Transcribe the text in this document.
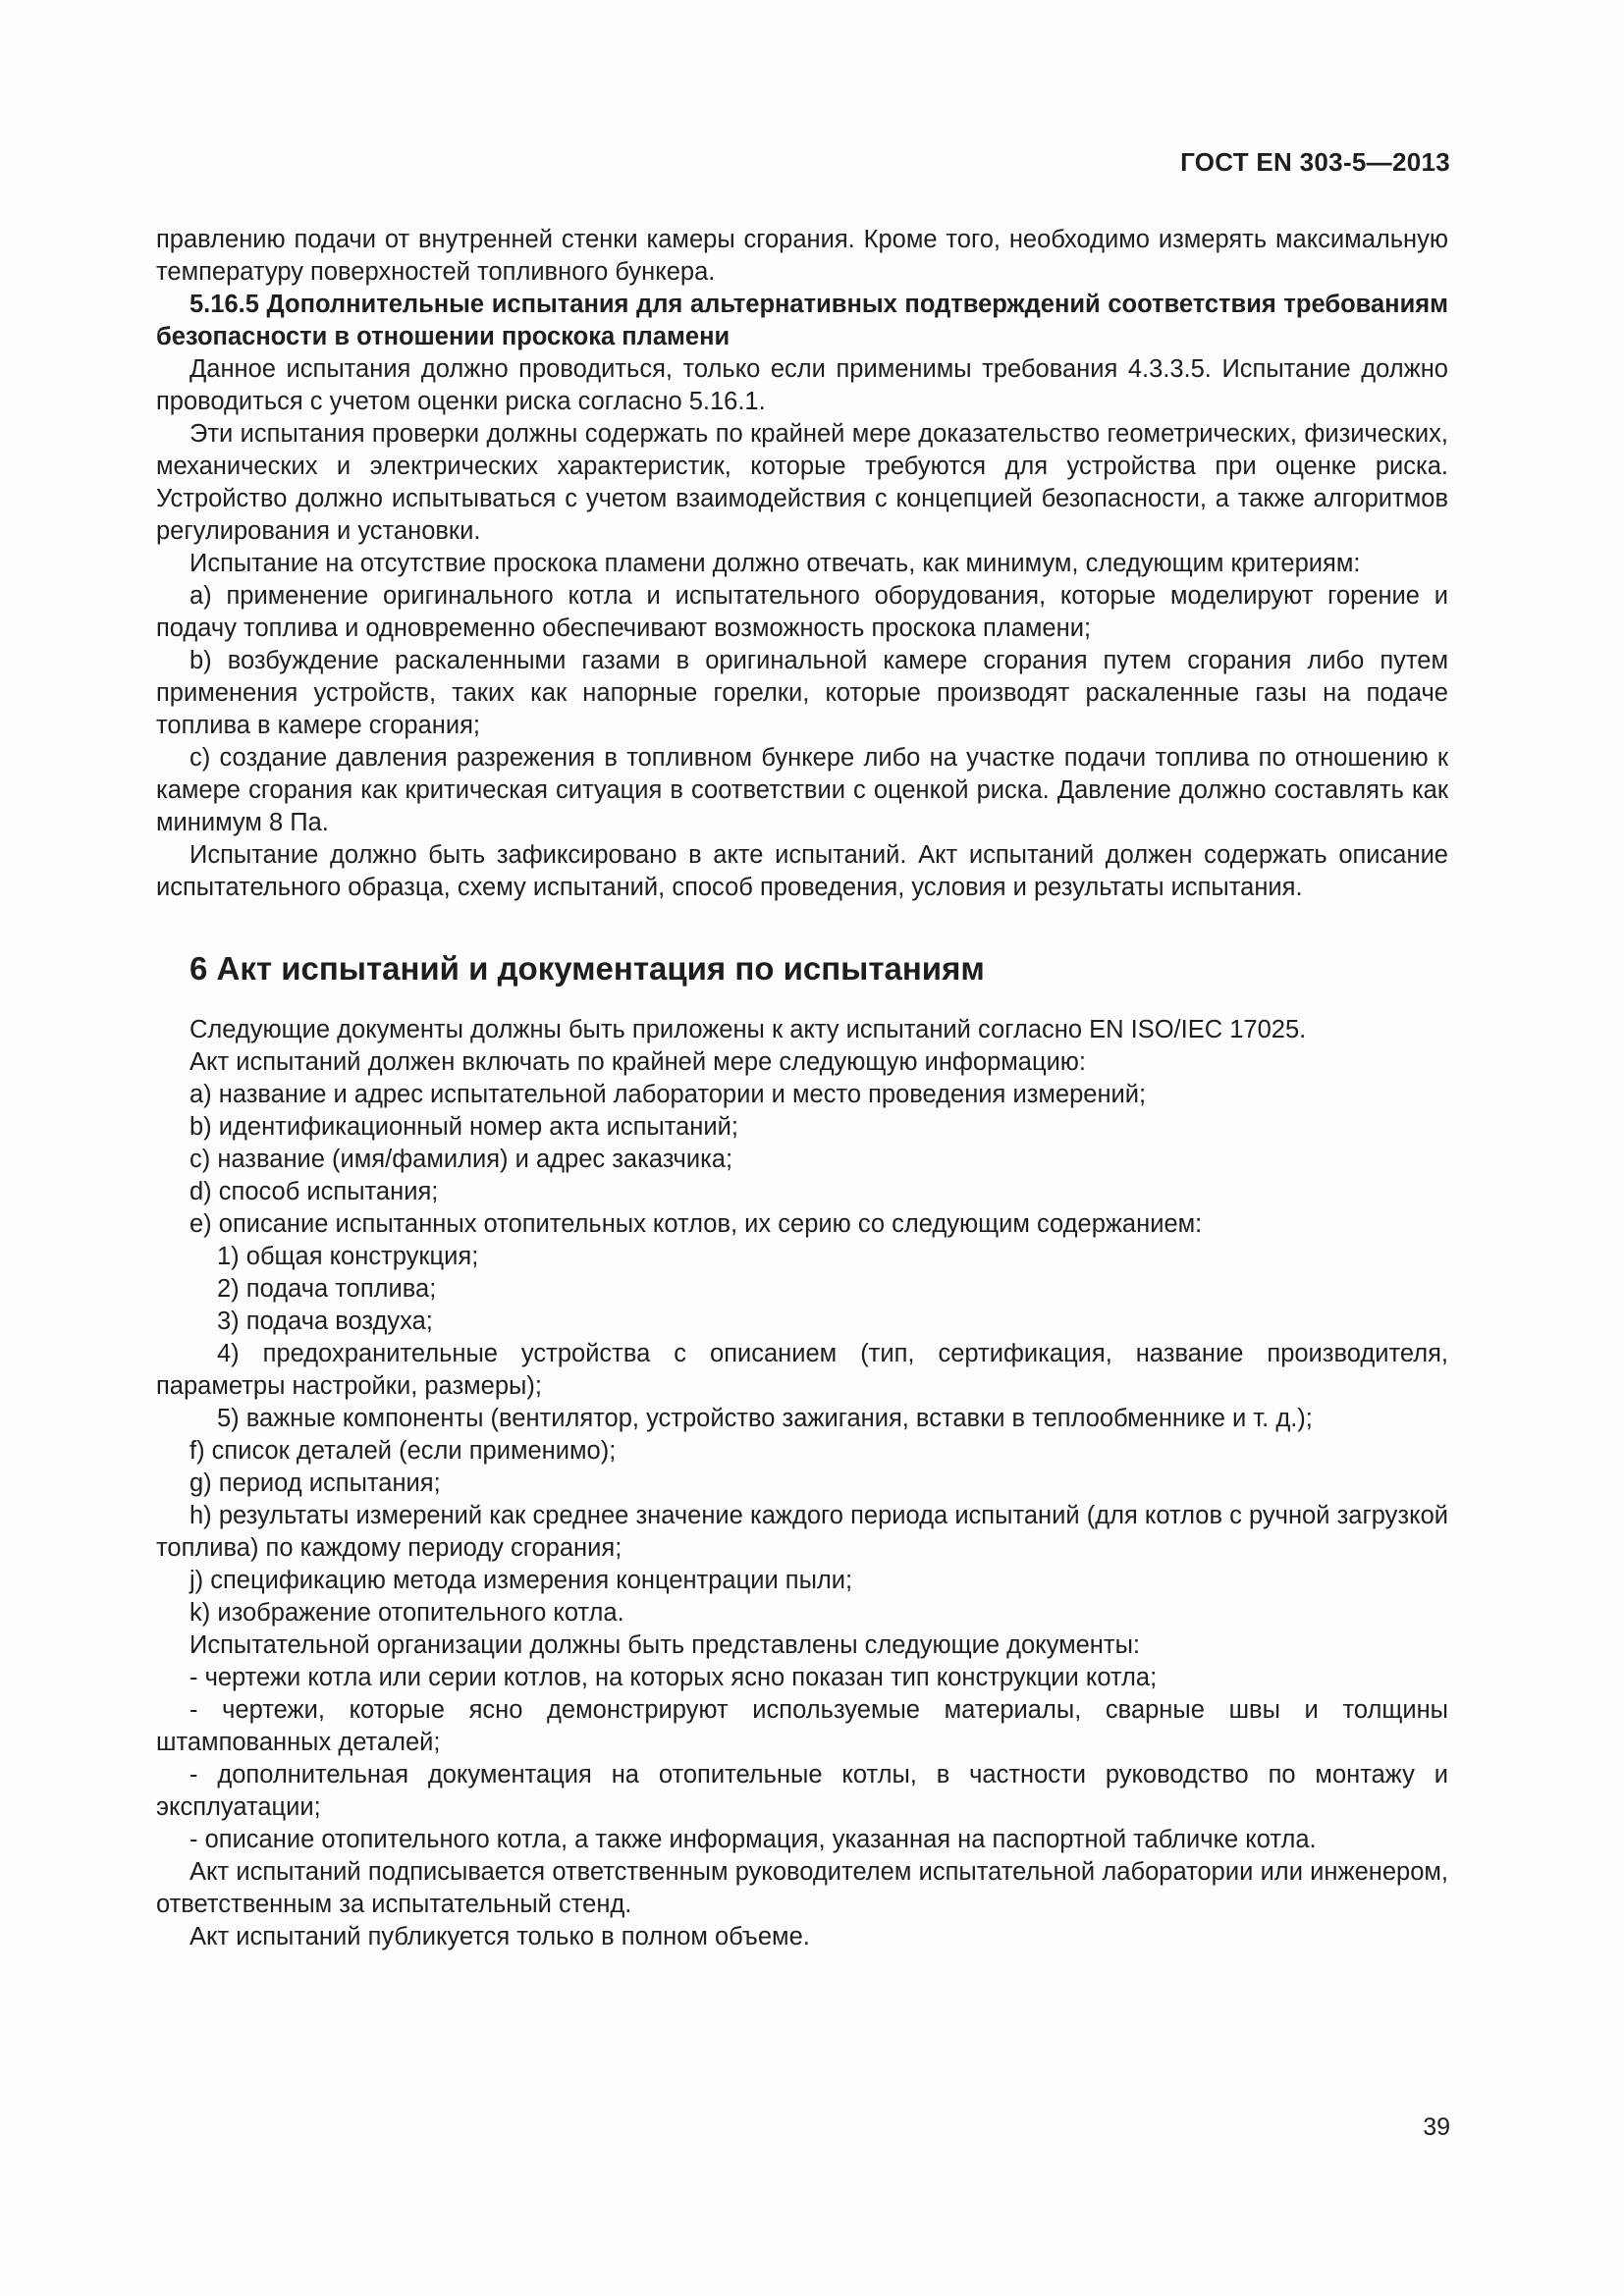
ГОСТ EN 303-5—2013

правлению подачи от внутренней стенки камеры сгорания. Кроме того, необходимо измерять максимальную температуру поверхностей топливного бункера.

5.16.5 Дополнительные испытания для альтернативных подтверждений соответствия требованиям безопасности в отношении проскока пламени

Данное испытания должно проводиться, только если применимы требования 4.3.3.5. Испытание должно проводиться с учетом оценки риска согласно 5.16.1.

Эти испытания проверки должны содержать по крайней мере доказательство геометрических, физических, механических и электрических характеристик, которые требуются для устройства при оценке риска. Устройство должно испытываться с учетом взаимодействия с концепцией безопасности, а также алгоритмов регулирования и установки.

Испытание на отсутствие проскока пламени должно отвечать, как минимум, следующим критериям:

a) применение оригинального котла и испытательного оборудования, которые моделируют горение и подачу топлива и одновременно обеспечивают возможность проскока пламени;

b) возбуждение раскаленными газами в оригинальной камере сгорания путем сгорания либо путем применения устройств, таких как напорные горелки, которые производят раскаленные газы на подаче топлива в камере сгорания;

c) создание давления разрежения в топливном бункере либо на участке подачи топлива по отношению к камере сгорания как критическая ситуация в соответствии с оценкой риска. Давление должно составлять как минимум 8 Па.

Испытание должно быть зафиксировано в акте испытаний. Акт испытаний должен содержать описание испытательного образца, схему испытаний, способ проведения, условия и результаты испытания.

6 Акт испытаний и документация по испытаниям

Следующие документы должны быть приложены к акту испытаний согласно EN ISO/IEC 17025.

Акт испытаний должен включать по крайней мере следующую информацию:

a) название и адрес испытательной лаборатории и место проведения измерений;

b) идентификационный номер акта испытаний;

c) название (имя/фамилия) и адрес заказчика;

d) способ испытания;

e) описание испытанных отопительных котлов, их серию со следующим содержанием:

1) общая конструкция;

2) подача топлива;

3) подача воздуха;

4) предохранительные устройства с описанием (тип, сертификация, название производителя, параметры настройки, размеры);

5) важные компоненты (вентилятор, устройство зажигания, вставки в теплообменнике и т. д.);

f) список деталей (если применимо);

g) период испытания;

h) результаты измерений как среднее значение каждого периода испытаний (для котлов с ручной загрузкой топлива) по каждому периоду сгорания;

j) спецификацию метода измерения концентрации пыли;

k) изображение отопительного котла.

Испытательной организации должны быть представлены следующие документы:

- чертежи котла или серии котлов, на которых ясно показан тип конструкции котла;

- чертежи, которые ясно демонстрируют используемые материалы, сварные швы и толщины штампованных деталей;

- дополнительная документация на отопительные котлы, в частности руководство по монтажу и эксплуатации;

- описание отопительного котла, а также информация, указанная на паспортной табличке котла.

Акт испытаний подписывается ответственным руководителем испытательной лаборатории или инженером, ответственным за испытательный стенд.

Акт испытаний публикуется только в полном объеме.

39
